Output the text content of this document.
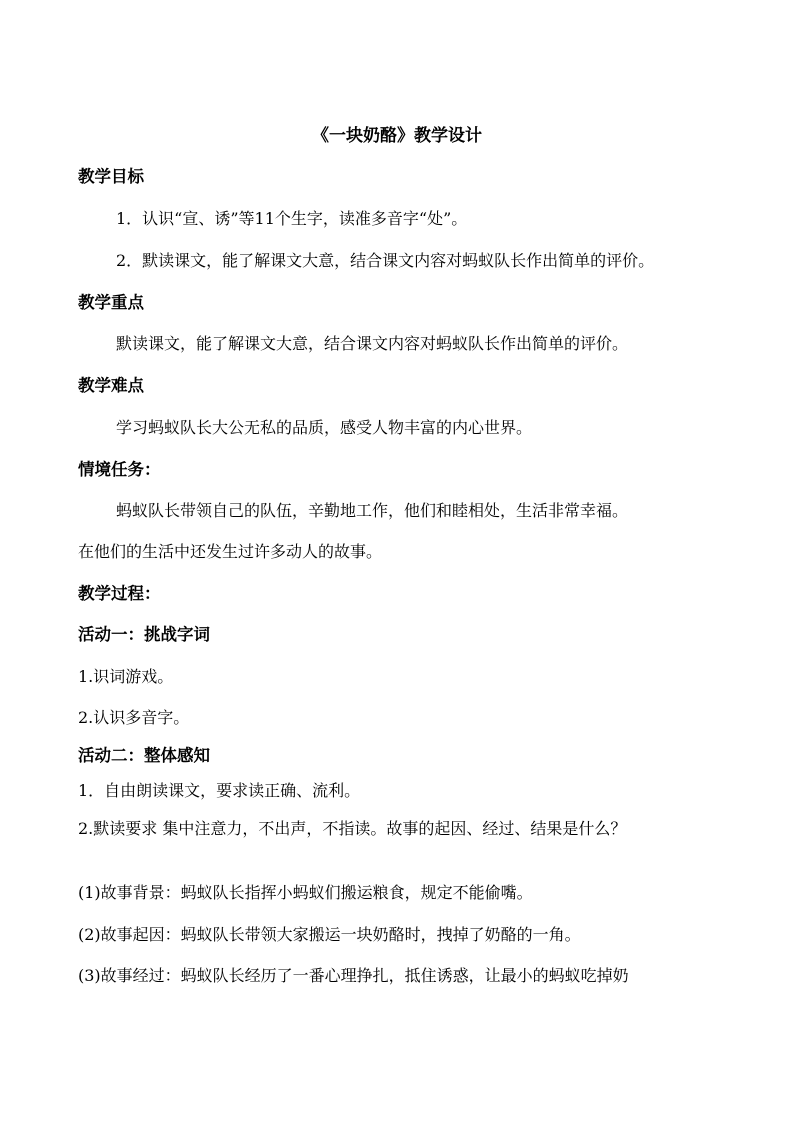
《一块奶酪》教学设计
教学目标
1．认识“宣、诱”等11个生字，读准多音字“处”。
2．默读课文，能了解课文大意，结合课文内容对蚂蚁队长作出简单的评价。
教学重点
默读课文，能了解课文大意，结合课文内容对蚂蚁队长作出简单的评价。
教学难点
学习蚂蚁队长大公无私的品质，感受人物丰富的内心世界。
情境任务：
蚂蚁队长带领自己的队伍，辛勤地工作，他们和睦相处，生活非常幸福。
在他们的生活中还发生过许多动人的故事。
教学过程：
活动一：挑战字词
1.识词游戏。
2.认识多音字。
活动二：整体感知
1．自由朗读课文，要求读正确、流利。
2.默读要求 集中注意力，不出声，不指读。故事的起因、经过、结果是什么？
(1)故事背景：蚂蚁队长指挥小蚂蚁们搬运粮食，规定不能偷嘴。
(2)故事起因：蚂蚁队长带领大家搬运一块奶酪时，拽掉了奶酪的一角。
(3)故事经过：蚂蚁队长经历了一番心理挣扎，抵住诱惑，让最小的蚂蚁吃掉奶
